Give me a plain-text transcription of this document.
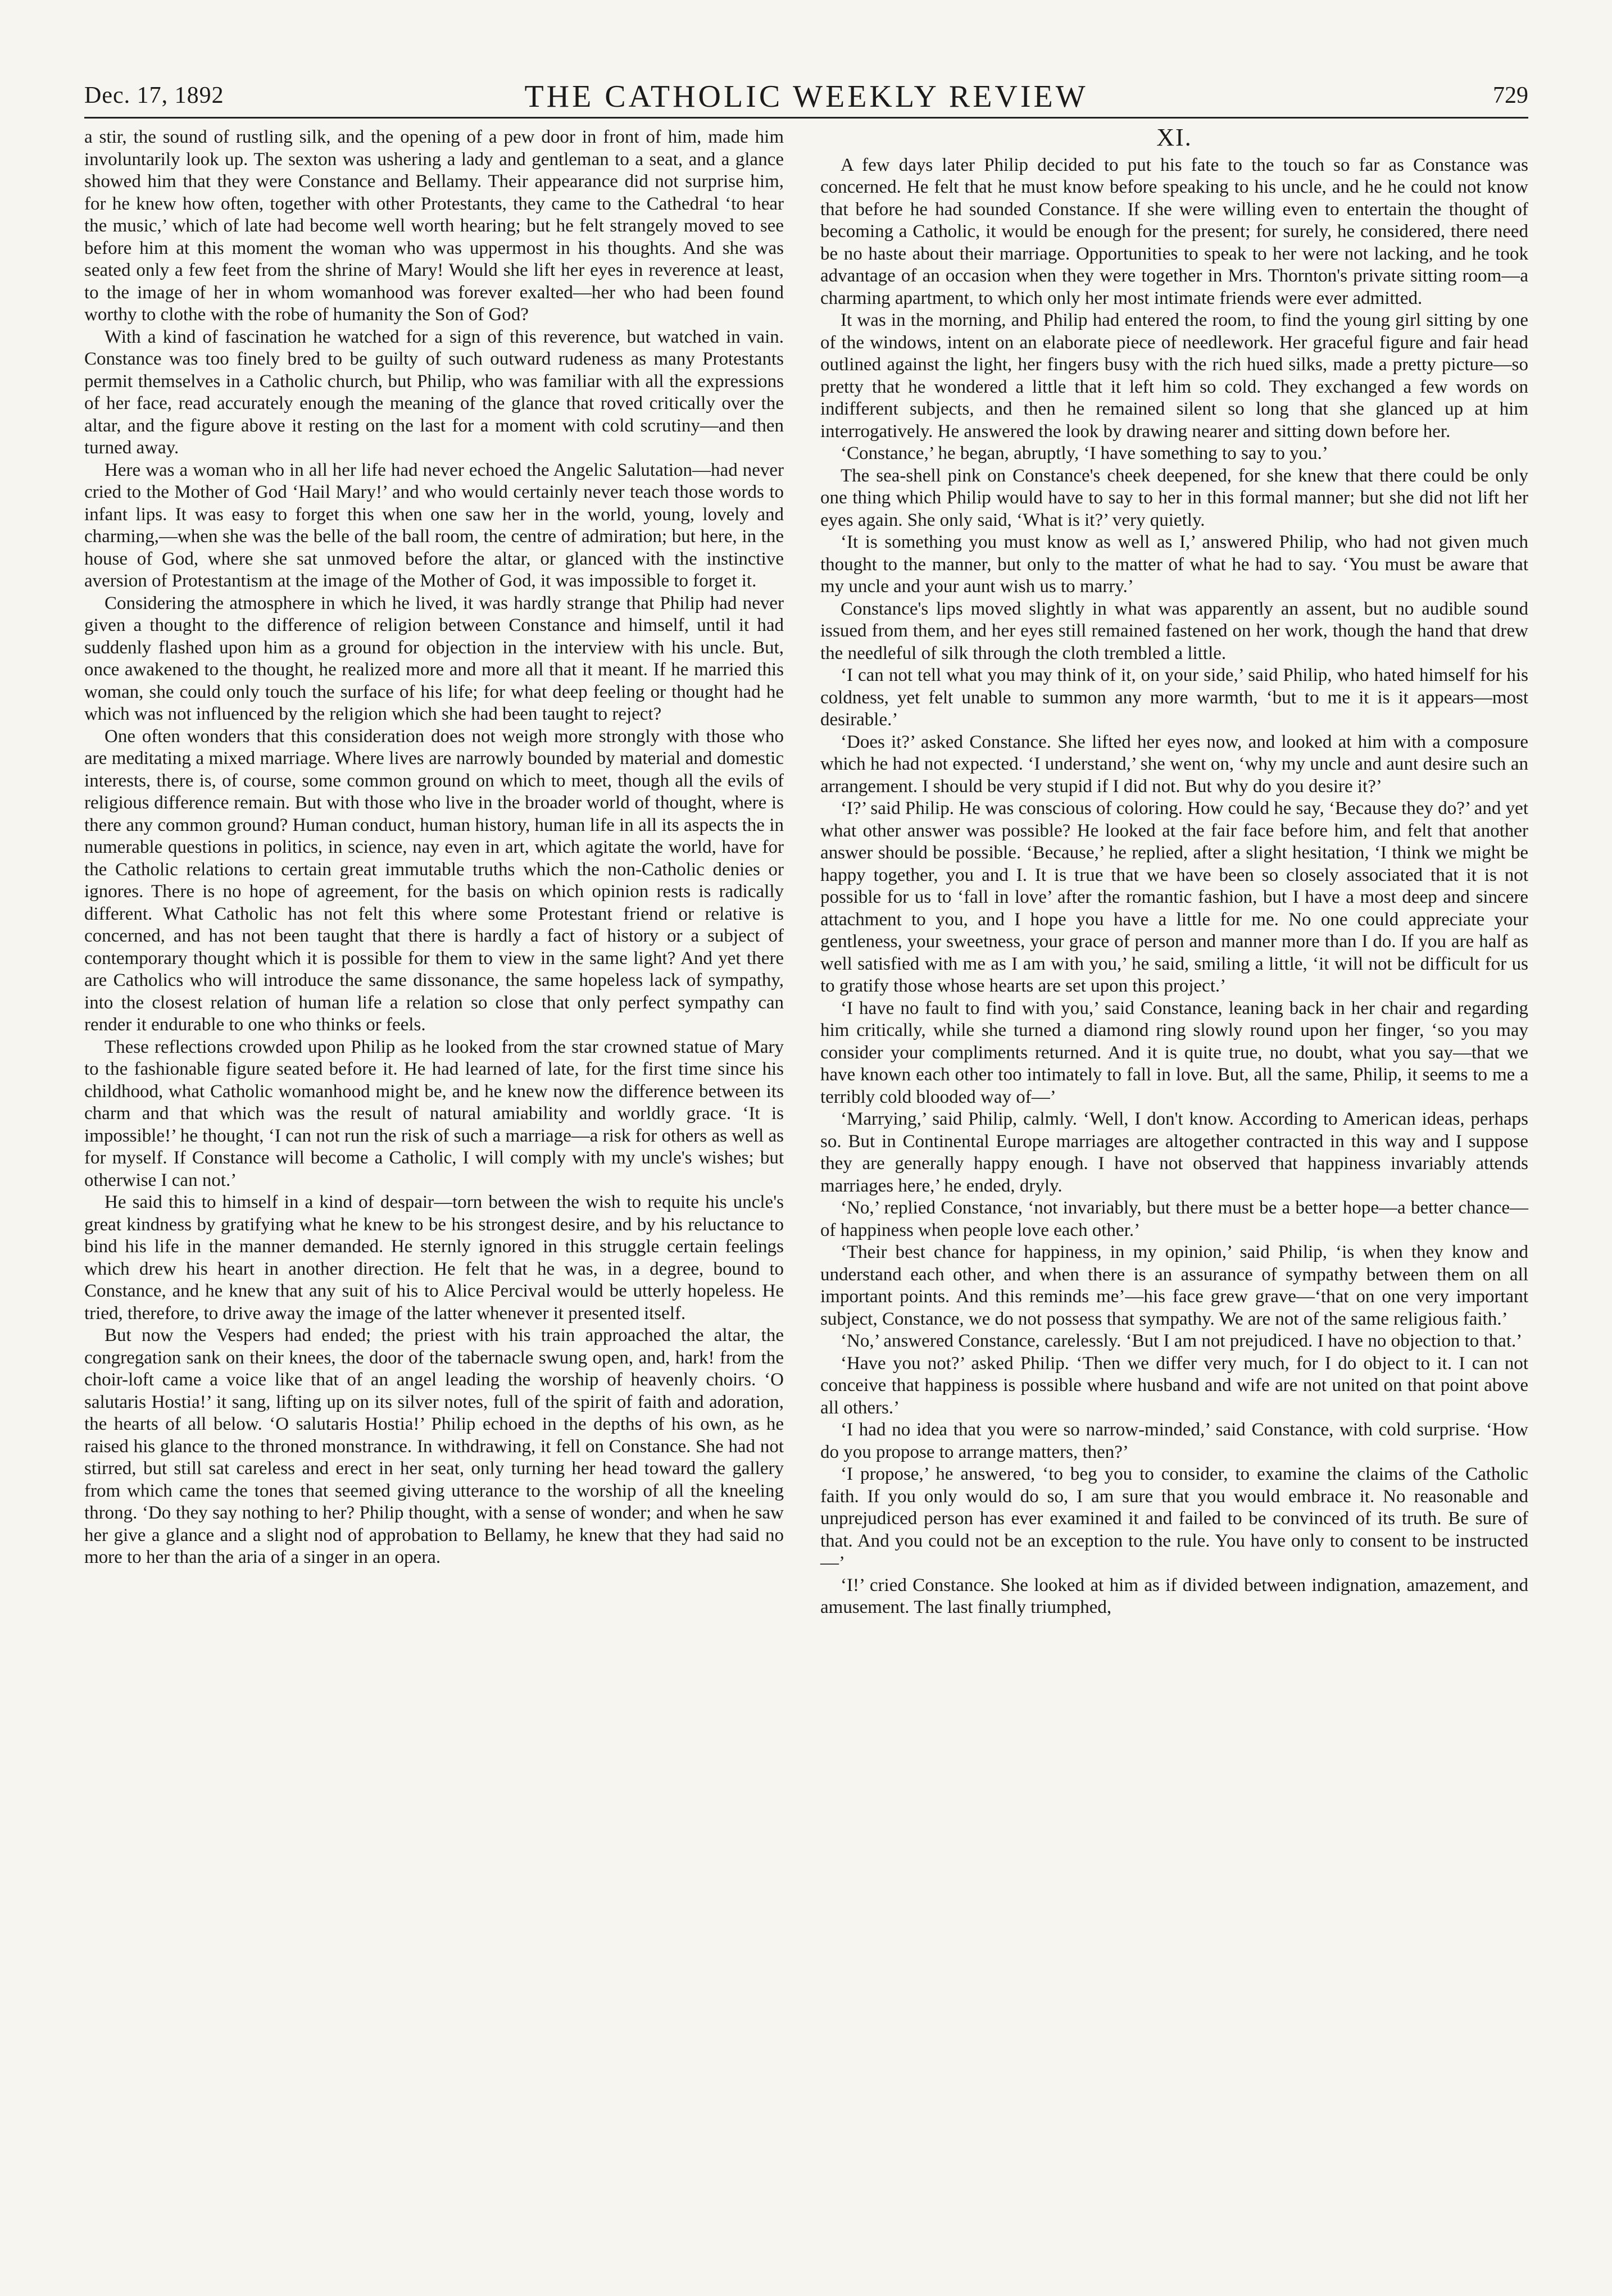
Dec. 17, 1892	THE CATHOLIC WEEKLY REVIEW	729

a stir, the sound of rustling silk, and the opening of a pew door in front of him, made him involuntarily look up. The sexton was ushering a lady and gentleman to a seat, and a glance showed him that they were Constance and Bellamy. Their appearance did not surprise him, for he knew how often, together with other Protestants, they came to the Cathedral ‘to hear the music,’ which of late had become well worth hearing; but he felt strangely moved to see before him at this moment the woman who was uppermost in his thoughts. And she was seated only a few feet from the shrine of Mary! Would she lift her eyes in reverence at least, to the image of her in whom womanhood was forever exalted—her who had been found worthy to clothe with the robe of humanity the Son of God?

With a kind of fascination he watched for a sign of this reverence, but watched in vain. Constance was too finely bred to be guilty of such outward rudeness as many Protestants permit themselves in a Catholic church, but Philip, who was familiar with all the expressions of her face, read accurately enough the meaning of the glance that roved critically over the altar, and the figure above it resting on the last for a moment with cold scrutiny—and then turned away.

Here was a woman who in all her life had never echoed the Angelic Salutation—had never cried to the Mother of God ‘Hail Mary!’ and who would certainly never teach those words to infant lips. It was easy to forget this when one saw her in the world, young, lovely and charming,—when she was the belle of the ball room, the centre of admiration; but here, in the house of God, where she sat unmoved before the altar, or glanced with the instinctive aversion of Protestantism at the image of the Mother of God, it was impossible to forget it.

Considering the atmosphere in which he lived, it was hardly strange that Philip had never given a thought to the difference of religion between Constance and himself, until it had suddenly flashed upon him as a ground for objection in the interview with his uncle. But, once awakened to the thought, he realized more and more all that it meant. If he married this woman, she could only touch the surface of his life; for what deep feeling or thought had he which was not influenced by the religion which she had been taught to reject?

One often wonders that this consideration does not weigh more strongly with those who are meditating a mixed marriage. Where lives are narrowly bounded by material and domestic interests, there is, of course, some common ground on which to meet, though all the evils of religious difference remain. But with those who live in the broader world of thought, where is there any common ground? Human conduct, human history, human life in all its aspects the in numerable questions in politics, in science, nay even in art, which agitate the world, have for the Catholic relations to certain great immutable truths which the non-Catholic denies or ignores. There is no hope of agreement, for the basis on which opinion rests is radically different. What Catholic has not felt this where some Protestant friend or relative is concerned, and has not been taught that there is hardly a fact of history or a subject of contemporary thought which it is possible for them to view in the same light? And yet there are Catholics who will introduce the same dissonance, the same hopeless lack of sympathy, into the closest relation of human life a relation so close that only perfect sympathy can render it endurable to one who thinks or feels.

These reflections crowded upon Philip as he looked from the star crowned statue of Mary to the fashionable figure seated before it. He had learned of late, for the first time since his childhood, what Catholic womanhood might be, and he knew now the difference between its charm and that which was the result of natural amiability and worldly grace. ‘It is impossible!’ he thought, ‘I can not run the risk of such a marriage—a risk for others as well as for myself. If Constance will become a Catholic, I will comply with my uncle's wishes; but otherwise I can not.’

He said this to himself in a kind of despair—torn between the wish to requite his uncle's great kindness by gratifying what he knew to be his strongest desire, and by his reluctance to bind his life in the manner demanded. He sternly ignored in this struggle certain feelings which drew his heart in another direction. He felt that he was, in a degree, bound to Constance, and he knew that any suit of his to Alice Percival would be utterly hopeless. He tried, therefore, to drive away the image of the latter whenever it presented itself.

But now the Vespers had ended; the priest with his train approached the altar, the congregation sank on their knees, the door of the tabernacle swung open, and, hark! from the choir-loft came a voice like that of an angel leading the worship of heavenly choirs. ‘O salutaris Hostia!’ it sang, lifting up on its silver notes, full of the spirit of faith and adoration, the hearts of all below. ‘O salutaris Hostia!’ Philip echoed in the depths of his own, as he raised his glance to the throned monstrance. In withdrawing, it fell on Constance. She had not stirred, but still sat careless and erect in her seat, only turning her head toward the gallery from which came the tones that seemed giving utterance to the worship of all the kneeling throng. ‘Do they say nothing to her? Philip thought, with a sense of wonder; and when he saw her give a glance and a slight nod of approbation to Bellamy, he knew that they had said no more to her than the aria of a singer in an opera.

XI.

A few days later Philip decided to put his fate to the touch so far as Constance was concerned. He felt that he must know before speaking to his uncle, and he he could not know that before he had sounded Constance. If she were willing even to entertain the thought of becoming a Catholic, it would be enough for the present; for surely, he considered, there need be no haste about their marriage. Opportunities to speak to her were not lacking, and he took advantage of an occasion when they were together in Mrs. Thornton's private sitting room—a charming apartment, to which only her most intimate friends were ever admitted.

It was in the morning, and Philip had entered the room, to find the young girl sitting by one of the windows, intent on an elaborate piece of needlework. Her graceful figure and fair head outlined against the light, her fingers busy with the rich hued silks, made a pretty picture—so pretty that he wondered a little that it left him so cold. They exchanged a few words on indifferent subjects, and then he remained silent so long that she glanced up at him interrogatively. He answered the look by drawing nearer and sitting down before her.

‘Constance,’ he began, abruptly, ‘I have something to say to you.’

The sea-shell pink on Constance's cheek deepened, for she knew that there could be only one thing which Philip would have to say to her in this formal manner; but she did not lift her eyes again. She only said, ‘What is it?’ very quietly.

‘It is something you must know as well as I,’ answered Philip, who had not given much thought to the manner, but only to the matter of what he had to say. ‘You must be aware that my uncle and your aunt wish us to marry.’

Constance's lips moved slightly in what was apparently an assent, but no audible sound issued from them, and her eyes still remained fastened on her work, though the hand that drew the needleful of silk through the cloth trembled a little.

‘I can not tell what you may think of it, on your side,’ said Philip, who hated himself for his coldness, yet felt unable to summon any more warmth, ‘but to me it is it appears—most desirable.’

‘Does it?’ asked Constance. She lifted her eyes now, and looked at him with a composure which he had not expected. ‘I understand,’ she went on, ‘why my uncle and aunt desire such an arrangement. I should be very stupid if I did not. But why do you desire it?’

‘I?’ said Philip. He was conscious of coloring. How could he say, ‘Because they do?’ and yet what other answer was possible? He looked at the fair face before him, and felt that another answer should be possible. ‘Because,’ he replied, after a slight hesitation, ‘I think we might be happy together, you and I. It is true that we have been so closely associated that it is not possible for us to ‘fall in love’ after the romantic fashion, but I have a most deep and sincere attachment to you, and I hope you have a little for me. No one could appreciate your gentleness, your sweetness, your grace of person and manner more than I do. If you are half as well satisfied with me as I am with you,’ he said, smiling a little, ‘it will not be difficult for us to gratify those whose hearts are set upon this project.’

‘I have no fault to find with you,’ said Constance, leaning back in her chair and regarding him critically, while she turned a diamond ring slowly round upon her finger, ‘so you may consider your compliments returned. And it is quite true, no doubt, what you say—that we have known each other too intimately to fall in love. But, all the same, Philip, it seems to me a terribly cold blooded way of—’

‘Marrying,’ said Philip, calmly. ‘Well, I don't know. According to American ideas, perhaps so. But in Continental Europe marriages are altogether contracted in this way and I suppose they are generally happy enough. I have not observed that happiness invariably attends marriages here,’ he ended, dryly.

‘No,’ replied Constance, ‘not invariably, but there must be a better hope—a better chance—of happiness when people love each other.’

‘Their best chance for happiness, in my opinion,’ said Philip, ‘is when they know and understand each other, and when there is an assurance of sympathy between them on all important points. And this reminds me’—his face grew grave—‘that on one very important subject, Constance, we do not possess that sympathy. We are not of the same religious faith.’

‘No,’ answered Constance, carelessly. ‘But I am not prejudiced. I have no objection to that.’

‘Have you not?’ asked Philip. ‘Then we differ very much, for I do object to it. I can not conceive that happiness is possible where husband and wife are not united on that point above all others.’

‘I had no idea that you were so narrow-minded,’ said Constance, with cold surprise. ‘How do you propose to arrange matters, then?’

‘I propose,’ he answered, ‘to beg you to consider, to examine the claims of the Catholic faith. If you only would do so, I am sure that you would embrace it. No reasonable and unprejudiced person has ever examined it and failed to be convinced of its truth. Be sure of that. And you could not be an exception to the rule. You have only to consent to be instructed—’

‘I!’ cried Constance. She looked at him as if divided between indignation, amazement, and amusement. The last finally triumphed,
